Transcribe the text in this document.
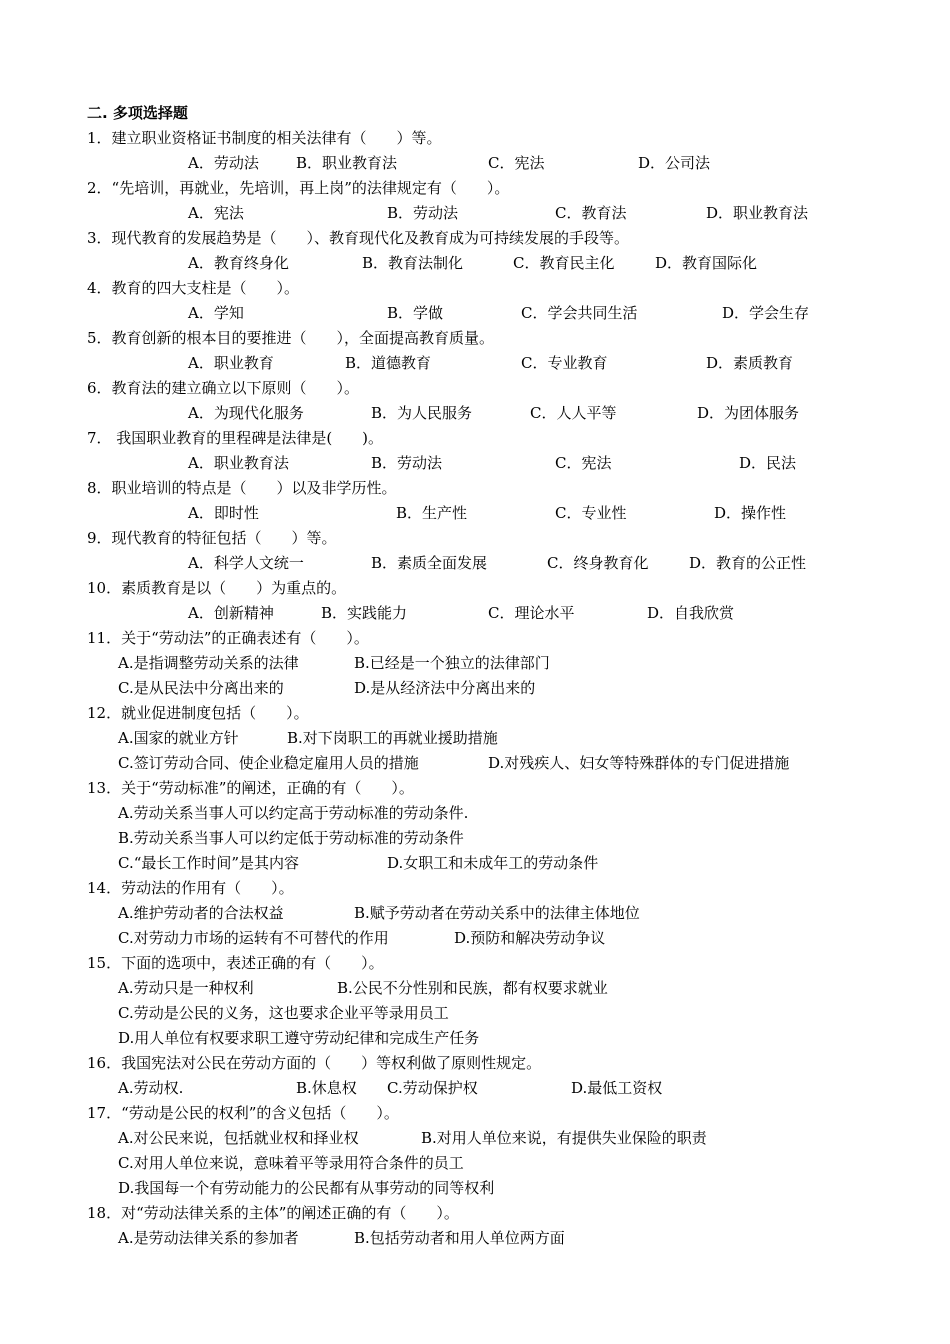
二. 多项选择题
1．建立职业资格证书制度的相关法律有（　　）等。
A．劳动法 B．职业教育法	C．宪法	D．公司法
2．“先培训，再就业，先培训，再上岗”的法律规定有（　　）。
A．宪法	B．劳动法	C．教育法	D．职业教育法
3．现代教育的发展趋势是（　　）、教育现代化及教育成为可持续发展的手段等。
A．教育终身化	B．教育法制化	C．教育民主化	D．教育国际化
4．教育的四大支柱是（　　）。
A．学知	B．学做	C．学会共同生活	D．学会生存
5．教育创新的根本目的要推进（　　），全面提高教育质量。
A．职业教育	B．道德教育	C．专业教育	D．素质教育
6．教育法的建立确立以下原则（　　）。
A．为现代化服务	B．为人民服务	C．人人平等	D．为团体服务
7． 我国职业教育的里程碑是法律是(　　)。
A．职业教育法	B．劳动法	C．宪法	D．民法
8．职业培训的特点是（　　）以及非学历性。
A．即时性	B．生产性	C．专业性	D．操作性
9．现代教育的特征包括（　　）等。
A．科学人文统一	B．素质全面发展	C．终身教育化	D．教育的公正性
10．素质教育是以（　　）为重点的。
A．创新精神	B．实践能力	C．理论水平	D．自我欣赏
11．关于“劳动法”的正确表述有（　　）。
A.是指调整劳动关系的法律	B.已经是一个独立的法律部门
C.是从民法中分离出来的	D.是从经济法中分离出来的
12．就业促进制度包括（　　）。
A.国家的就业方针	B.对下岗职工的再就业援助措施
C.签订劳动合同、使企业稳定雇用人员的措施	D.对残疾人、妇女等特殊群体的专门促进措施
13．关于“劳动标准”的阐述，正确的有（　　）。
A.劳动关系当事人可以约定高于劳动标准的劳动条件.
B.劳动关系当事人可以约定低于劳动标准的劳动条件
C.“最长工作时间”是其内容	D.女职工和未成年工的劳动条件
14．劳动法的作用有（　　）。
A.维护劳动者的合法权益	B.赋予劳动者在劳动关系中的法律主体地位
C.对劳动力市场的运转有不可替代的作用	D.预防和解决劳动争议
15．下面的选项中，表述正确的有（　　）。
A.劳动只是一种权利	B.公民不分性别和民族，都有权要求就业
C.劳动是公民的义务，这也要求企业平等录用员工
D.用人单位有权要求职工遵守劳动纪律和完成生产任务
16．我国宪法对公民在劳动方面的（　　）等权利做了原则性规定。
A.劳动权.	B.休息权 C.劳动保护权	D.最低工资权
17．“劳动是公民的权利”的含义包括（　　）。
A.对公民来说，包括就业权和择业权	B.对用人单位来说，有提供失业保险的职责
C.对用人单位来说，意味着平等录用符合条件的员工
D.我国每一个有劳动能力的公民都有从事劳动的同等权利
18．对“劳动法律关系的主体”的阐述正确的有（　　）。
A.是劳动法律关系的参加者	B.包括劳动者和用人单位两方面
